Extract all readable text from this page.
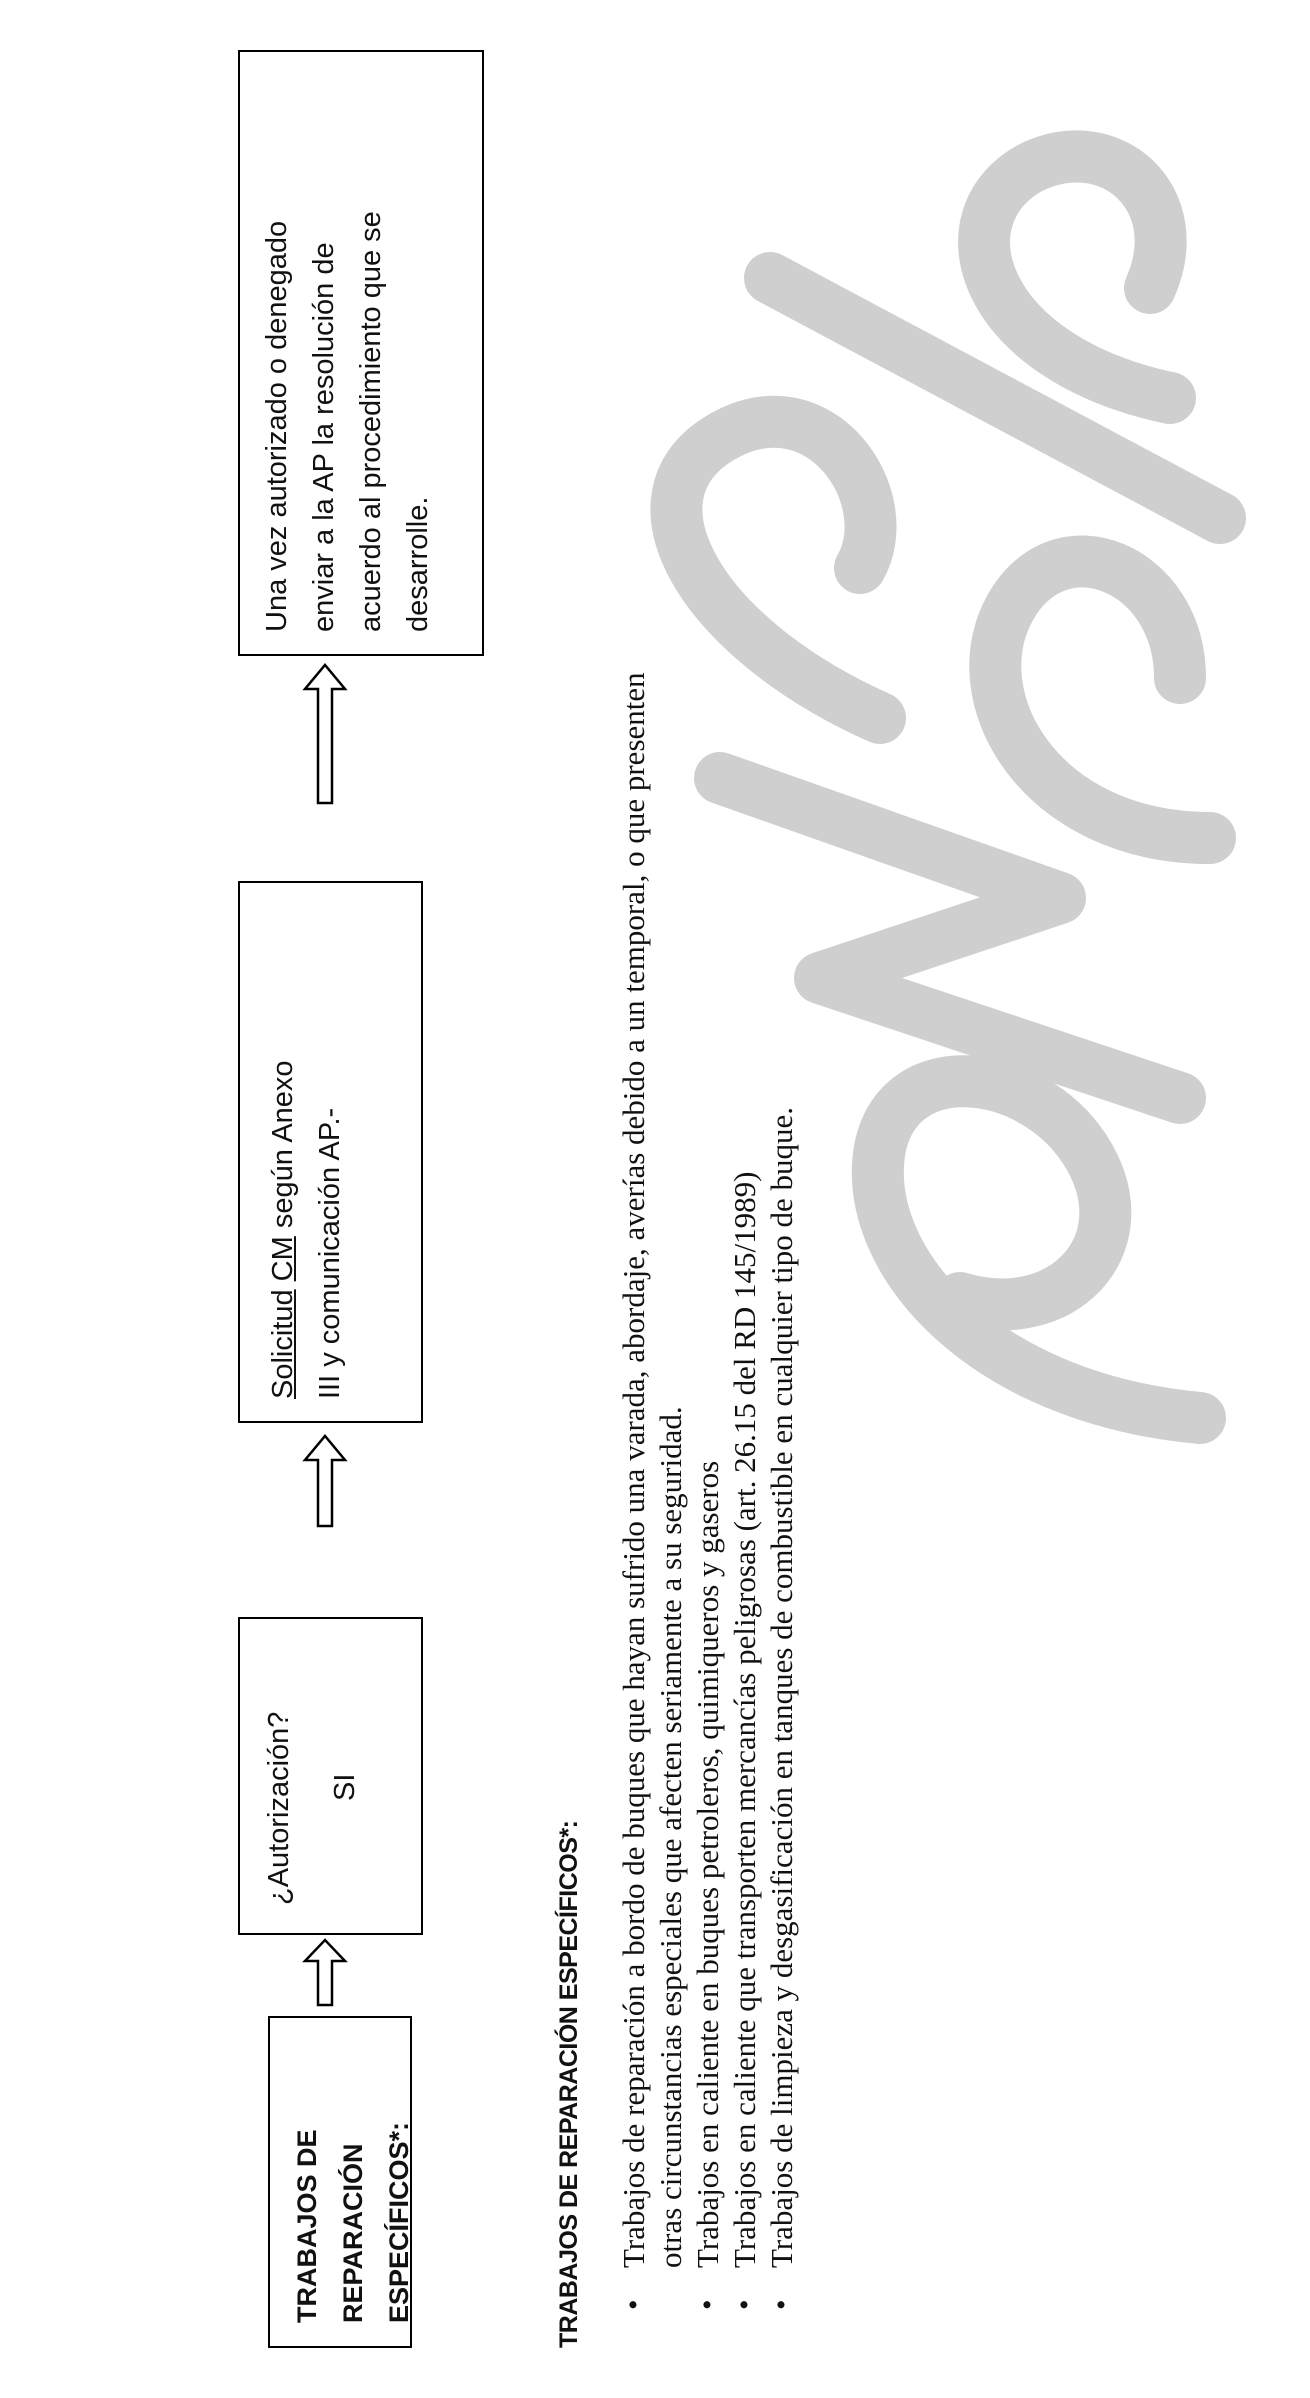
TRABAJOS DE REPARACIÓN ESPECÍFICOS*:
¿Autorización? SI
Solicitud CM según Anexo III y comunicación AP.-
Una vez autorizado o denegado enviar a la AP la resolución de acuerdo al procedimiento que se desarrolle.
TRABAJOS DE REPARACIÓN ESPECÍFICOS*: • Trabajos de reparación a bordo de buques que hayan sufrido una varada, abordaje, averías debido a un temporal, o que presenten otras circunstancias especiales que afecten seriamente a su seguridad. • Trabajos en caliente en buques petroleros, quimiqueros y gaseros • Trabajos en caliente que transporten mercancías peligrosas (art. 26.15 del RD 145/1989) • Trabajos de limpieza y desgasificación en tanques de combustible en cualquier tipo de buque.
